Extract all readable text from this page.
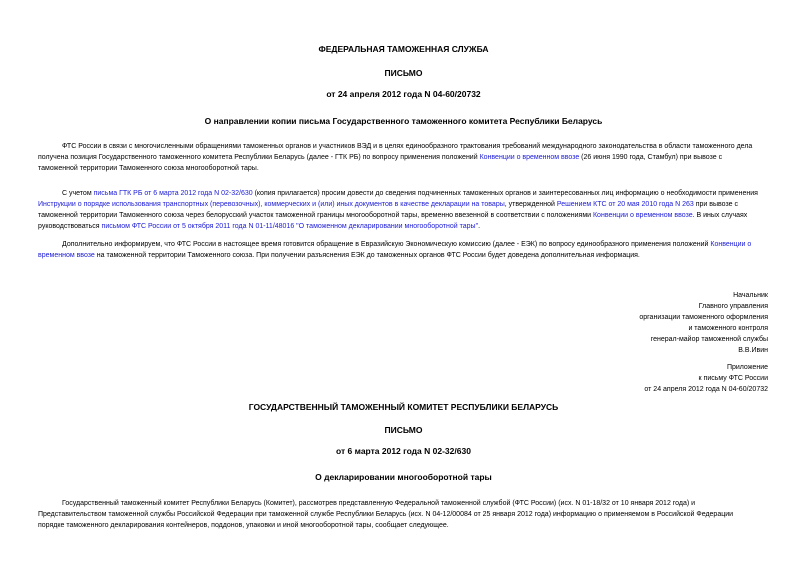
ФЕДЕРАЛЬНАЯ ТАМОЖЕННАЯ СЛУЖБА
ПИСЬМО
от 24 апреля 2012 года N 04-60/20732
О направлении копии письма Государственного таможенного комитета Республики Беларусь
ФТС России в связи с многочисленными обращениями таможенных органов и участников ВЭД и в целях единообразного трактования требований международного законодательства в области таможенного дела
получена позиция Государственного таможенного комитета Республики Беларусь (далее - ГТК РБ) по вопросу применения положений Конвенции о временном ввозе (26 июня 1990 года, Стамбул) при вывозе с
таможенной территории Таможенного союза многооборотной тары.
С учетом письма ГТК РБ от 6 марта 2012 года N 02-32/630 (копия прилагается) просим довести до сведения подчиненных таможенных органов и заинтересованных лиц информацию о необходимости применения
Инструкции о порядке использования транспортных (перевозочных), коммерческих и (или) иных документов в качестве декларации на товары, утвержденной Решением КТС от 20 мая 2010 года N 263 при вывозе с
таможенной территории Таможенного союза через белорусский участок таможенной границы многооборотной тары, временно ввезенной в соответствии с положениями Конвенции о временном ввозе. В иных случаях
руководствоваться письмом ФТС России от 5 октября 2011 года N 01-11/48016 "О таможенном декларировании многооборотной тары".
Дополнительно информируем, что ФТС России в настоящее время готовится обращение в Евразийскую Экономическую комиссию (далее - ЕЭК) по вопросу единообразного применения положений Конвенции о
временном ввозе на таможенной территории Таможенного союза. При получении разъяснения ЕЭК до таможенных органов ФТС России будет доведена дополнительная информация.
Начальник
Главного управления
организации таможенного оформления
и таможенного контроля
генерал-майор таможенной службы
В.В.Ивин
Приложение
к письму ФТС России
от 24 апреля 2012 года N 04-60/20732
ГОСУДАРСТВЕННЫЙ ТАМОЖЕННЫЙ КОМИТЕТ РЕСПУБЛИКИ БЕЛАРУСЬ
ПИСЬМО
от 6 марта 2012 года N 02-32/630
О декларировании многооборотной тары
Государственный таможенный комитет Республики Беларусь (Комитет), рассмотрев представленную Федеральной таможенной службой (ФТС России) (исх. N 01-18/32 от 10 января 2012 года) и
Представительством таможенной службы Российской Федерации при таможенной службе Республики Беларусь (исх. N 04-12/00084 от 25 января 2012 года) информацию о применяемом в Российской Федерации
порядке таможенного декларирования контейнеров, поддонов, упаковки и иной многооборотной тары, сообщает следующее.
